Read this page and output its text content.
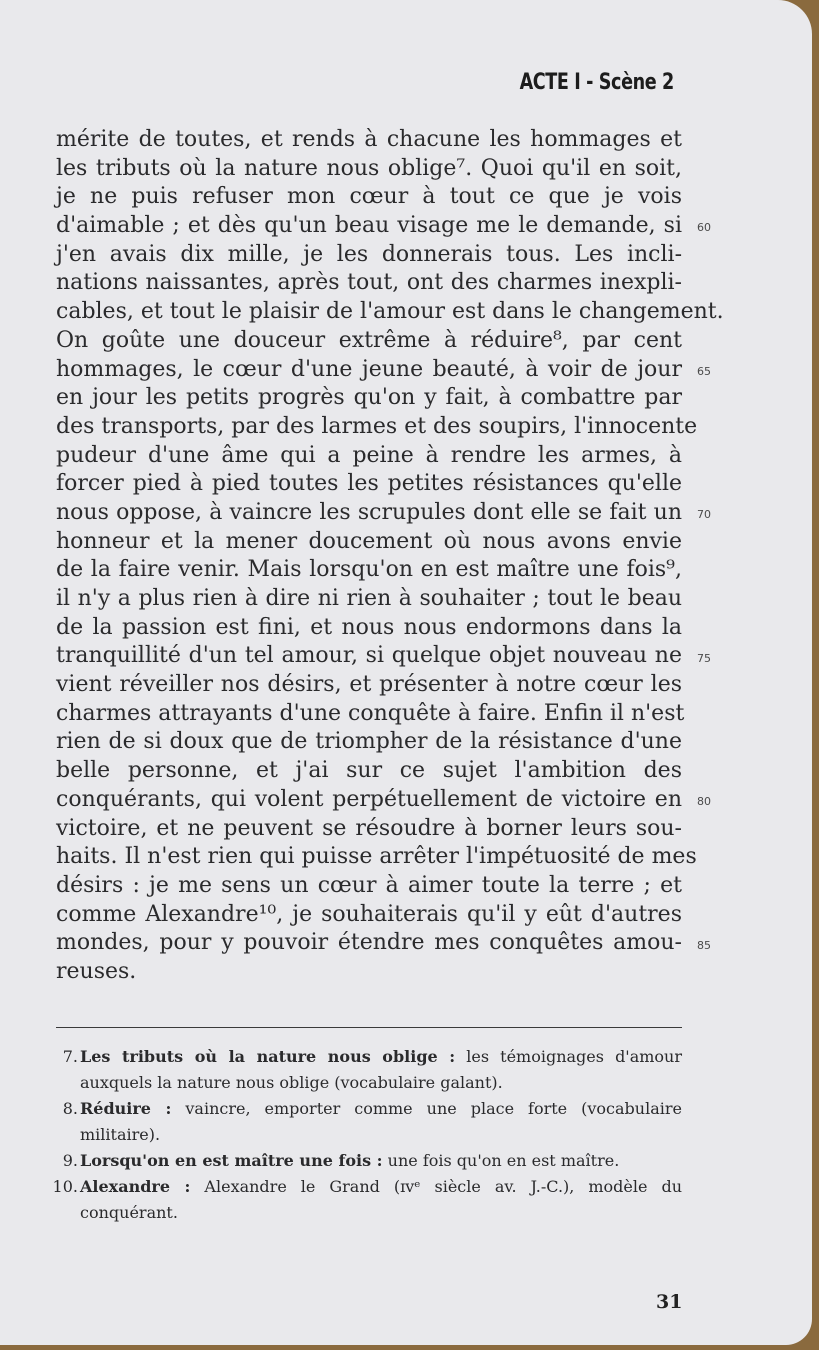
ACTE I - Scène 2
mérite de toutes, et rends à chacune les hommages et
les tributs où la nature nous oblige⁷. Quoi qu'il en soit,
je ne puis refuser mon cœur à tout ce que je vois
d'aimable ; et dès qu'un beau visage me le demande, si
j'en avais dix mille, je les donnerais tous. Les incli-
nations naissantes, après tout, ont des charmes inexpli-
cables, et tout le plaisir de l'amour est dans le changement.
On goûte une douceur extrême à réduire⁸, par cent
hommages, le cœur d'une jeune beauté, à voir de jour
en jour les petits progrès qu'on y fait, à combattre par
des transports, par des larmes et des soupirs, l'innocente
pudeur d'une âme qui a peine à rendre les armes, à
forcer pied à pied toutes les petites résistances qu'elle
nous oppose, à vaincre les scrupules dont elle se fait un
honneur et la mener doucement où nous avons envie
de la faire venir. Mais lorsqu'on en est maître une fois⁹,
il n'y a plus rien à dire ni rien à souhaiter ; tout le beau
de la passion est fini, et nous nous endormons dans la
tranquillité d'un tel amour, si quelque objet nouveau ne
vient réveiller nos désirs, et présenter à notre cœur les
charmes attrayants d'une conquête à faire. Enfin il n'est
rien de si doux que de triompher de la résistance d'une
belle personne, et j'ai sur ce sujet l'ambition des
conquérants, qui volent perpétuellement de victoire en
victoire, et ne peuvent se résoudre à borner leurs sou-
haits. Il n'est rien qui puisse arrêter l'impétuosité de mes
désirs : je me sens un cœur à aimer toute la terre ; et
comme Alexandre¹⁰, je souhaiterais qu'il y eût d'autres
mondes, pour y pouvoir étendre mes conquêtes amou-
reuses.
60
65
70
75
80
85
7. Les tributs où la nature nous oblige : les témoignages d'amour auxquels la nature nous oblige (vocabulaire galant).
8. Réduire : vaincre, emporter comme une place forte (vocabulaire militaire).
9. Lorsqu'on en est maître une fois : une fois qu'on en est maître.
10. Alexandre : Alexandre le Grand (ɪᴠᵉ siècle av. J.-C.), modèle du conquérant.
31
